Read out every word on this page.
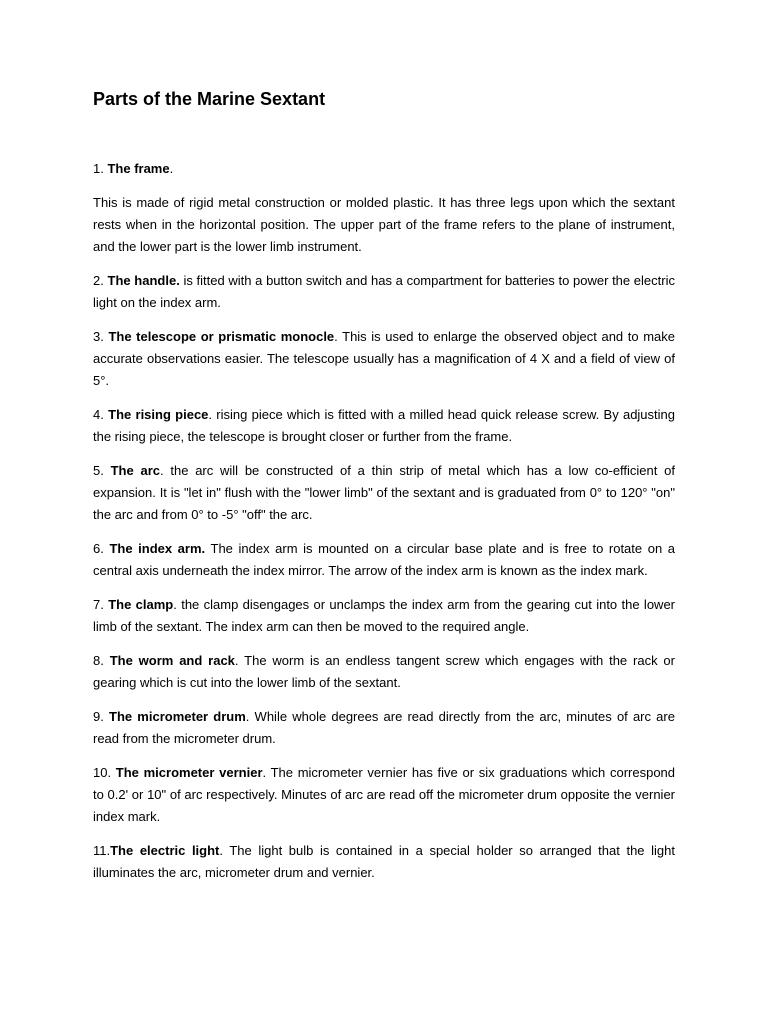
Parts of the Marine Sextant
1. The frame.

This is made of rigid metal construction or molded plastic. It has three legs upon which the sextant rests when in the horizontal position. The upper part of the frame refers to the plane of instrument, and the lower part is the lower limb instrument.

2. The handle. is fitted with a button switch and has a compartment for batteries to power the electric light on the index arm.

3. The telescope or prismatic monocle. This is used to enlarge the observed object and to make accurate observations easier. The telescope usually has a magnification of 4 X and a field of view of 5°.

4. The rising piece. rising piece which is fitted with a milled head quick release screw. By adjusting the rising piece, the telescope is brought closer or further from the frame.

5. The arc. the arc will be constructed of a thin strip of metal which has a low co-efficient of expansion. It is "let in" flush with the "lower limb" of the sextant and is graduated from 0° to 120° "on" the arc and from 0° to -5° "off" the arc.

6. The index arm. The index arm is mounted on a circular base plate and is free to rotate on a central axis underneath the index mirror. The arrow of the index arm is known as the index mark.

7. The clamp. the clamp disengages or unclamps the index arm from the gearing cut into the lower limb of the sextant. The index arm can then be moved to the required angle.

8. The worm and rack. The worm is an endless tangent screw which engages with the rack or gearing which is cut into the lower limb of the sextant.

9. The micrometer drum. While whole degrees are read directly from the arc, minutes of arc are read from the micrometer drum.

10. The micrometer vernier. The micrometer vernier has five or six graduations which correspond to 0.2' or 10" of arc respectively. Minutes of arc are read off the micrometer drum opposite the vernier index mark.

11.The electric light. The light bulb is contained in a special holder so arranged that the light illuminates the arc, micrometer drum and vernier.
